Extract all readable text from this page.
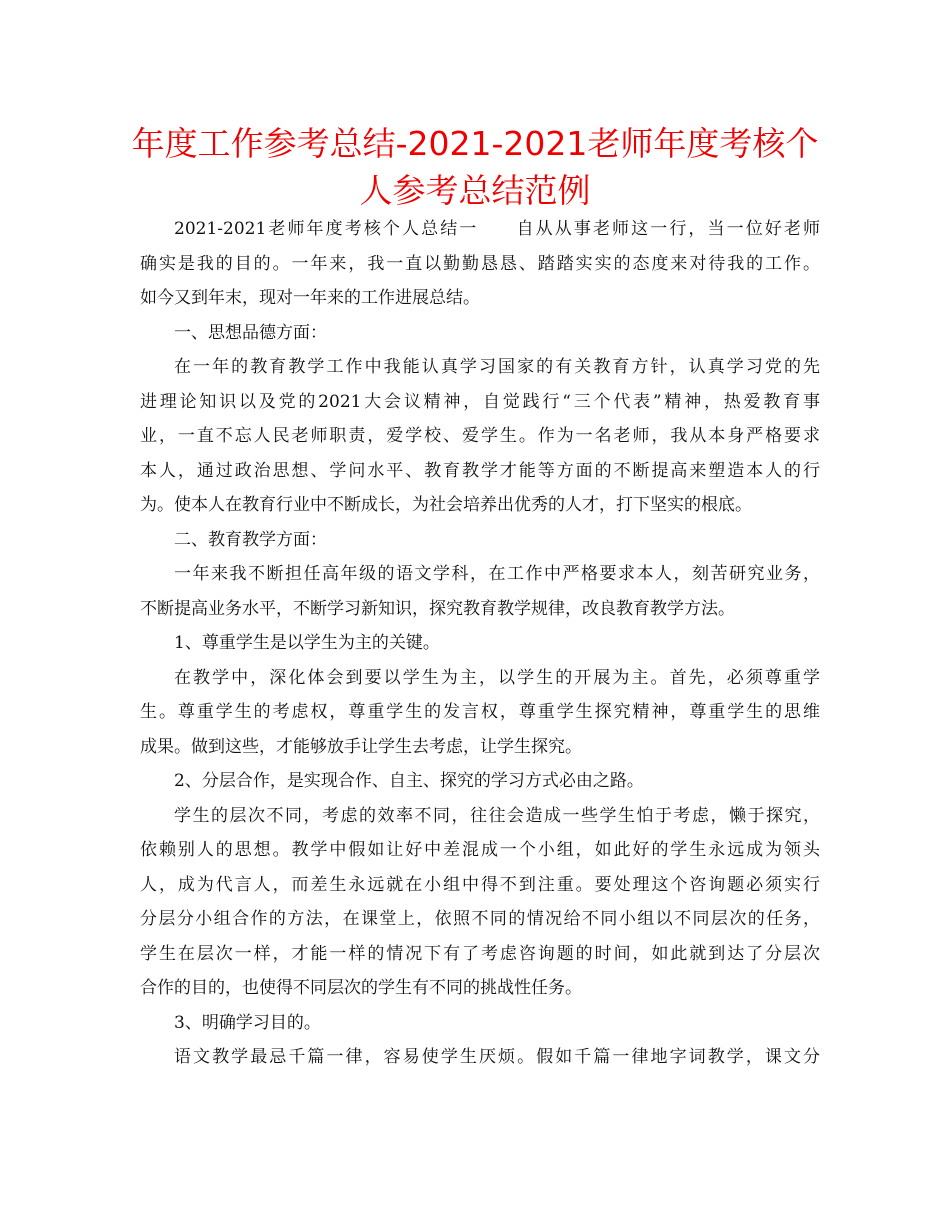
年度工作参考总结-2021-2021老师年度考核个
人参考总结范例
2021-2021老师年度考核个人总结一　　自从从事老师这一行，当一位好老师
确实是我的目的。一年来，我一直以勤勤恳恳、踏踏实实的态度来对待我的工作。
如今又到年末，现对一年来的工作进展总结。

一、思想品德方面：

在一年的教育教学工作中我能认真学习国家的有关教育方针，认真学习党的先
进理论知识以及党的2021大会议精神，自觉践行“三个代表”精神，热爱教育事
业，一直不忘人民老师职责，爱学校、爱学生。作为一名老师，我从本身严格要求
本人，通过政治思想、学问水平、教育教学才能等方面的不断提高来塑造本人的行
为。使本人在教育行业中不断成长，为社会培养出优秀的人才，打下坚实的根底。

二、教育教学方面：

一年来我不断担任高年级的语文学科，在工作中严格要求本人，刻苦研究业务，
不断提高业务水平，不断学习新知识，探究教育教学规律，改良教育教学方法。

1、尊重学生是以学生为主的关键。

在教学中，深化体会到要以学生为主，以学生的开展为主。首先，必须尊重学
生。尊重学生的考虑权，尊重学生的发言权，尊重学生探究精神，尊重学生的思维
成果。做到这些，才能够放手让学生去考虑，让学生探究。

2、分层合作，是实现合作、自主、探究的学习方式必由之路。

学生的层次不同，考虑的效率不同，往往会造成一些学生怕于考虑，懒于探究，
依赖别人的思想。教学中假如让好中差混成一个小组，如此好的学生永远成为领头
人，成为代言人，而差生永远就在小组中得不到注重。要处理这个咨询题必须实行
分层分小组合作的方法，在课堂上，依照不同的情况给不同小组以不同层次的任务，
学生在层次一样，才能一样的情况下有了考虑咨询题的时间，如此就到达了分层次
合作的目的，也使得不同层次的学生有不同的挑战性任务。

3、明确学习目的。

语文教学最忌千篇一律，容易使学生厌烦。假如千篇一律地字词教学，课文分
